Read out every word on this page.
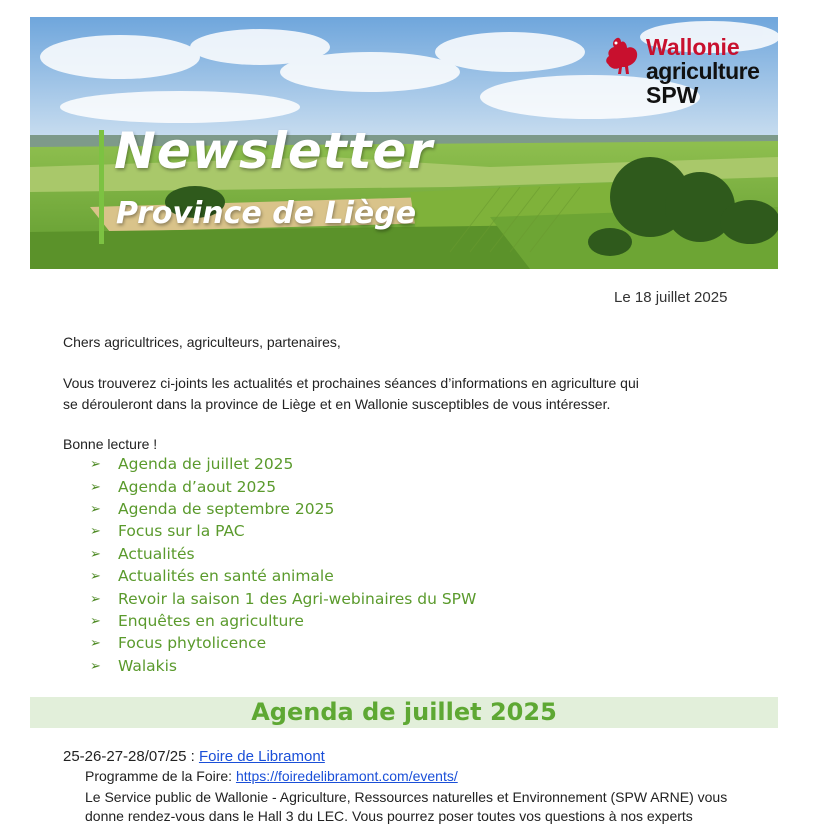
Newsletter
Province de Liège
Wallonie
agriculture
SPW
Le 18 juillet 2025
Chers agricultrices, agriculteurs, partenaires,
Vous trouverez ci-joints les actualités et prochaines séances d’informations en agriculture qui
se dérouleront dans la province de Liège et en Wallonie susceptibles de vous intéresser.
Bonne lecture !
➢	Agenda de juillet 2025
➢	Agenda d’aout 2025
➢	Agenda de septembre 2025
➢	Focus sur la PAC
➢	Actualités
➢	Actualités en santé animale
➢	Revoir la saison 1 des Agri-webinaires du SPW
➢	Enquêtes en agriculture
➢	Focus phytolicence
➢	Walakis
Agenda de juillet 2025
25-26-27-28/07/25 : Foire de Libramont
Programme de la Foire: https://foiredelibramont.com/events/
Le Service public de Wallonie - Agriculture, Ressources naturelles et Environnement (SPW ARNE) vous
donne rendez-vous dans le Hall 3 du LEC. Vous pourrez poser toutes vos questions à nos experts
